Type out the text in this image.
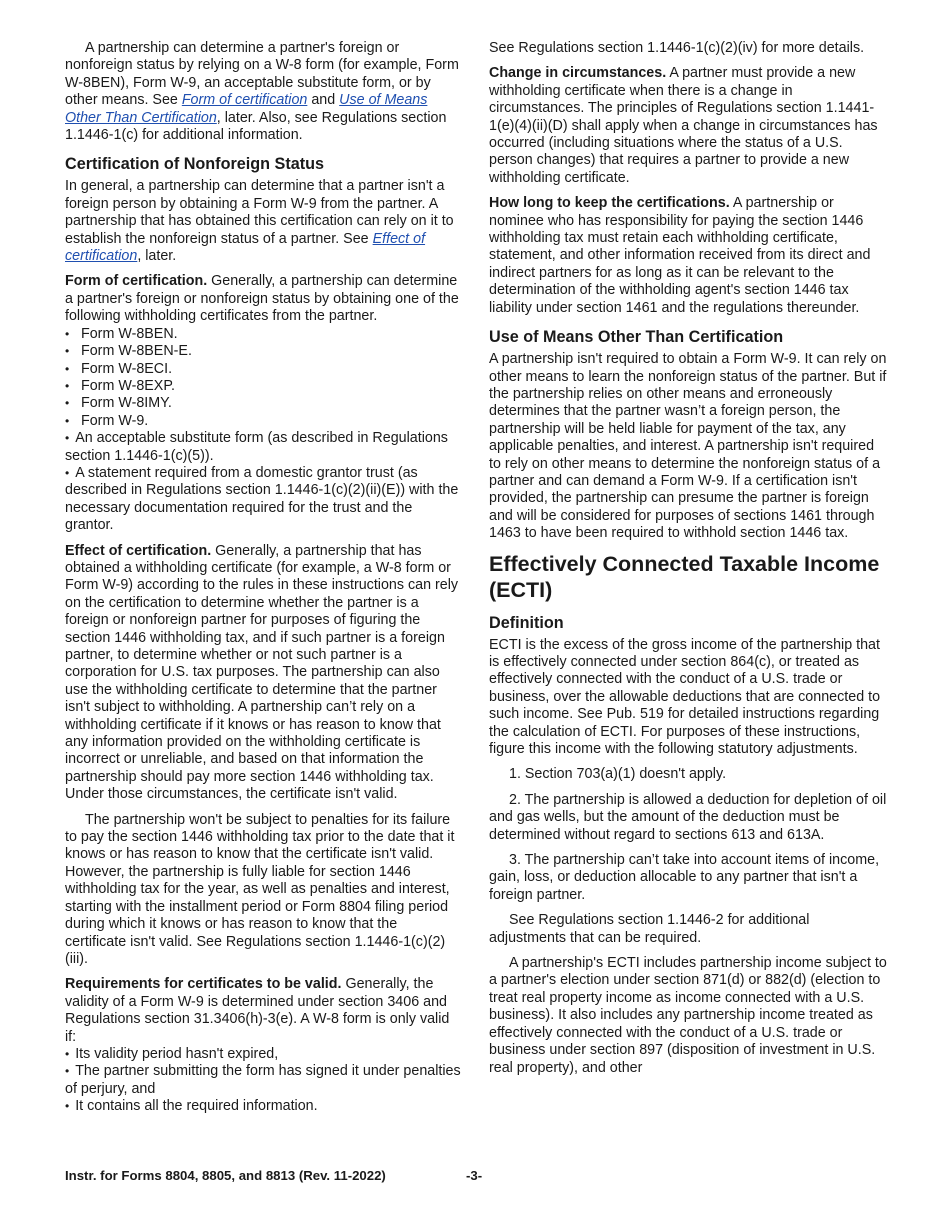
A partnership can determine a partner's foreign or nonforeign status by relying on a W-8 form (for example, Form W-8BEN), Form W-9, an acceptable substitute form, or by other means. See Form of certification and Use of Means Other Than Certification, later. Also, see Regulations section 1.1446-1(c) for additional information.

Certification of Nonforeign Status

In general, a partnership can determine that a partner isn't a foreign person by obtaining a Form W-9 from the partner. A partnership that has obtained this certification can rely on it to establish the nonforeign status of a partner. See Effect of certification, later.

Form of certification. Generally, a partnership can determine a partner's foreign or nonforeign status by obtaining one of the following withholding certificates from the partner.

• Form W-8BEN.
• Form W-8BEN-E.
• Form W-8ECI.
• Form W-8EXP.
• Form W-8IMY.
• Form W-9.
• An acceptable substitute form (as described in Regulations section 1.1446-1(c)(5)).
• A statement required from a domestic grantor trust (as described in Regulations section 1.1446-1(c)(2)(ii)(E)) with the necessary documentation required for the trust and the grantor.

Effect of certification. Generally, a partnership that has obtained a withholding certificate (for example, a W-8 form or Form W-9) according to the rules in these instructions can rely on the certification to determine whether the partner is a foreign or nonforeign partner for purposes of figuring the section 1446 withholding tax, and if such partner is a foreign partner, to determine whether or not such partner is a corporation for U.S. tax purposes. The partnership can also use the withholding certificate to determine that the partner isn't subject to withholding. A partnership can’t rely on a withholding certificate if it knows or has reason to know that any information provided on the withholding certificate is incorrect or unreliable, and based on that information the partnership should pay more section 1446 withholding tax. Under those circumstances, the certificate isn't valid.

The partnership won't be subject to penalties for its failure to pay the section 1446 withholding tax prior to the date that it knows or has reason to know that the certificate isn't valid. However, the partnership is fully liable for section 1446 withholding tax for the year, as well as penalties and interest, starting with the installment period or Form 8804 filing period during which it knows or has reason to know that the certificate isn't valid. See Regulations section 1.1446-1(c)(2)(iii).

Requirements for certificates to be valid. Generally, the validity of a Form W-9 is determined under section 3406 and Regulations section 31.3406(h)-3(e). A W-8 form is only valid if:

• Its validity period hasn't expired,
• The partner submitting the form has signed it under penalties of perjury, and
• It contains all the required information.

See Regulations section 1.1446-1(c)(2)(iv) for more details.

Change in circumstances. A partner must provide a new withholding certificate when there is a change in circumstances. The principles of Regulations section 1.1441-1(e)(4)(ii)(D) shall apply when a change in circumstances has occurred (including situations where the status of a U.S. person changes) that requires a partner to provide a new withholding certificate.

How long to keep the certifications. A partnership or nominee who has responsibility for paying the section 1446 withholding tax must retain each withholding certificate, statement, and other information received from its direct and indirect partners for as long as it can be relevant to the determination of the withholding agent's section 1446 tax liability under section 1461 and the regulations thereunder.

Use of Means Other Than Certification

A partnership isn't required to obtain a Form W-9. It can rely on other means to learn the nonforeign status of the partner. But if the partnership relies on other means and erroneously determines that the partner wasn’t a foreign person, the partnership will be held liable for payment of the tax, any applicable penalties, and interest. A partnership isn't required to rely on other means to determine the nonforeign status of a partner and can demand a Form W-9. If a certification isn't provided, the partnership can presume the partner is foreign and will be considered for purposes of sections 1461 through 1463 to have been required to withhold section 1446 tax.

Effectively Connected Taxable Income (ECTI)
Definition

ECTI is the excess of the gross income of the partnership that is effectively connected under section 864(c), or treated as effectively connected with the conduct of a U.S. trade or business, over the allowable deductions that are connected to such income. See Pub. 519 for detailed instructions regarding the calculation of ECTI. For purposes of these instructions, figure this income with the following statutory adjustments.

1. Section 703(a)(1) doesn't apply.

2. The partnership is allowed a deduction for depletion of oil and gas wells, but the amount of the deduction must be determined without regard to sections 613 and 613A.

3. The partnership can’t take into account items of income, gain, loss, or deduction allocable to any partner that isn't a foreign partner.

See Regulations section 1.1446-2 for additional adjustments that can be required.

A partnership's ECTI includes partnership income subject to a partner's election under section 871(d) or 882(d) (election to treat real property income as income connected with a U.S. business). It also includes any partnership income treated as effectively connected with the conduct of a U.S. trade or business under section 897 (disposition of investment in U.S. real property), and other

Instr. for Forms 8804, 8805, and 8813 (Rev. 11-2022)	-3-
